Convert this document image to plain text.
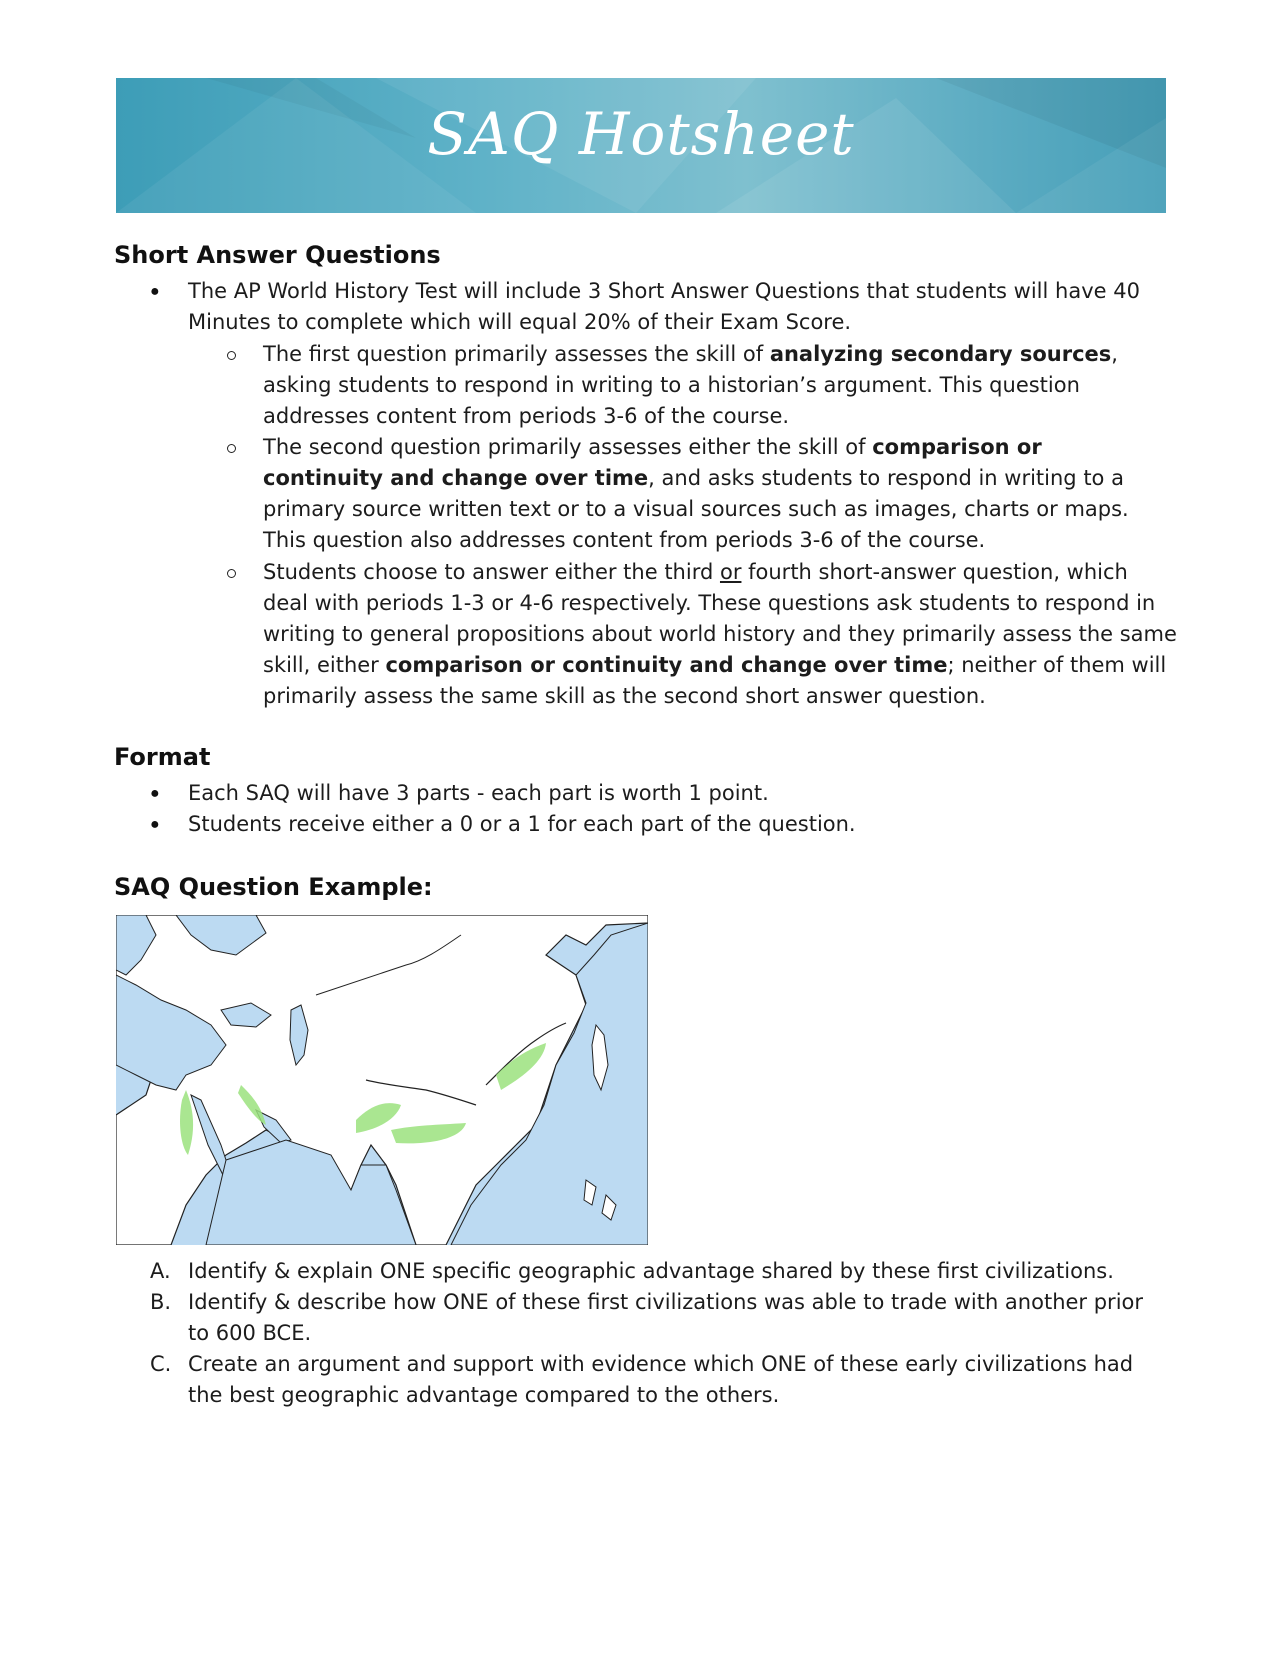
SAQ Hotsheet
Short Answer Questions
● The AP World History Test will include 3 Short Answer Questions that students will have 40 Minutes to complete which will equal 20% of their Exam Score.

The first question primarily assesses the skill of analyzing secondary sources, asking students to respond in writing to a historian’s argument. This question addresses content from periods 3-6 of the course.

The second question primarily assesses either the skill of comparison or continuity and change over time, and asks students to respond in writing to a primary source written text or to a visual sources such as images, charts or maps. This question also addresses content from periods 3-6 of the course.

Students choose to answer either the third or fourth short-answer question, which deal with periods 1-3 or 4-6 respectively. These questions ask students to respond in writing to general propositions about world history and they primarily assess the same skill, either comparison or continuity and change over time; neither of them will primarily assess the same skill as the second short answer question.

Format
● Each SAQ will have 3 parts - each part is worth 1 point.

● Students receive either a 0 or a 1 for each part of the question.

SAQ Question Example:
A. Identify & explain ONE specific geographic advantage shared by these first civilizations.

B. Identify & describe how ONE of these first civilizations was able to trade with another prior to 600 BCE.

C. Create an argument and support with evidence which ONE of these early civilizations had the best geographic advantage compared to the others.
